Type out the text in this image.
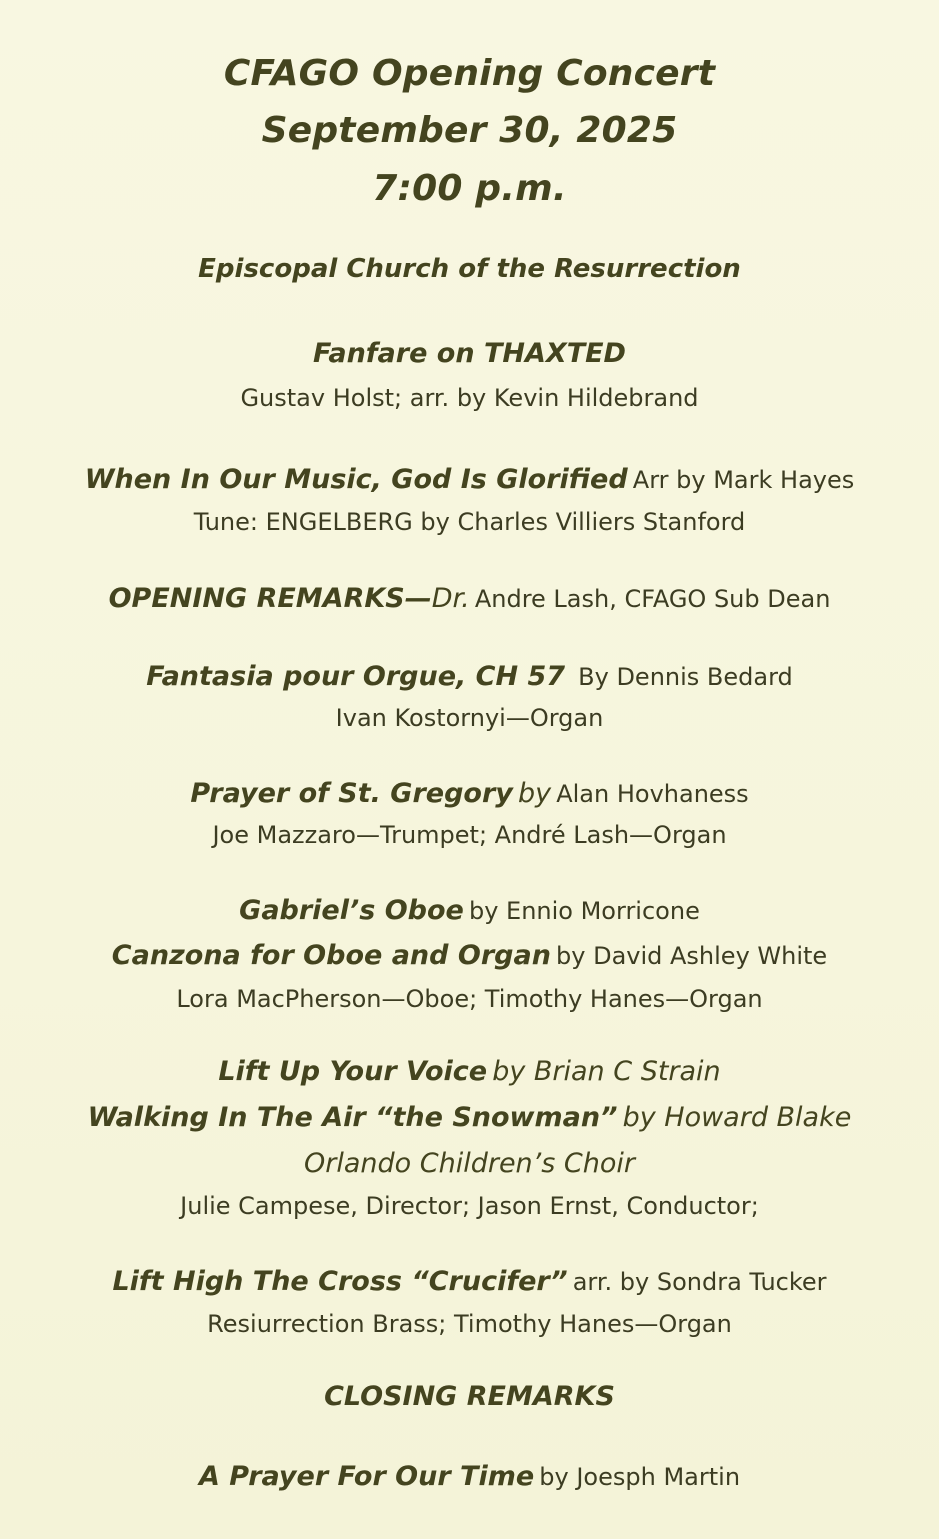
CFAGO Opening Concert
September 30, 2025
7:00 p.m.
Episcopal Church of the Resurrection
Fanfare on THAXTED
Gustav Holst; arr. by Kevin Hildebrand
When In Our Music, God Is Glorified Arr by Mark Hayes
Tune: ENGELBERG by Charles Villiers Stanford
OPENING REMARKS—Dr. Andre Lash, CFAGO Sub Dean
Fantasia pour Orgue, CH 57 By Dennis Bedard
Ivan Kostornyi—Organ
Prayer of St. Gregory by Alan Hovhaness
Joe Mazzaro—Trumpet; André Lash—Organ
Gabriel’s Oboe by Ennio Morricone
Canzona for Oboe and Organ by David Ashley White
Lora MacPherson—Oboe; Timothy Hanes—Organ
Lift Up Your Voice by Brian C Strain
Walking In The Air “the Snowman” by Howard Blake
Orlando Children’s Choir
Julie Campese, Director; Jason Ernst, Conductor;
Lift High The Cross “Crucifer” arr. by Sondra Tucker
Resiurrection Brass; Timothy Hanes—Organ
CLOSING REMARKS
A Prayer For Our Time by Joesph Martin
